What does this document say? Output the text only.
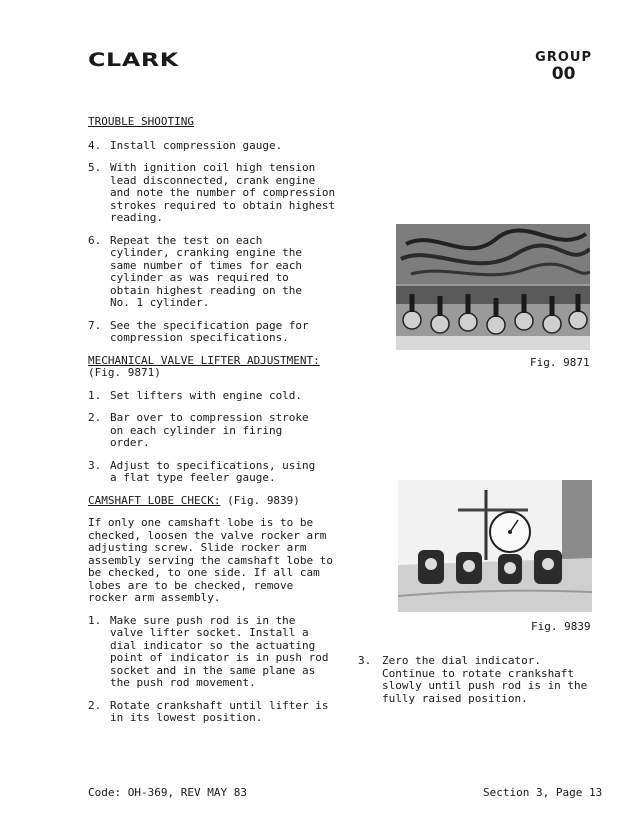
CLARK	GROUP
00
TROUBLE SHOOTING
4. Install compression gauge.
5. With ignition coil high tension lead disconnected, crank engine and note the number of compression strokes required to obtain highest reading.
6. Repeat the test on each cylinder, cranking engine the same number of times for each cylinder as was required to obtain highest reading on the No. 1 cylinder.
7. See the specification page for compression specifications.
MECHANICAL VALVE LIFTER ADJUSTMENT:
(Fig. 9871)
1. Set lifters with engine cold.
2. Bar over to compression stroke on each cylinder in firing order.
3. Adjust to specifications, using a flat type feeler gauge.
CAMSHAFT LOBE CHECK: (Fig. 9839)

If only one camshaft lobe is to be checked, loosen the valve rocker arm adjusting screw. Slide rocker arm assembly serving the camshaft lobe to be checked, to one side. If all cam lobes are to be checked, remove rocker arm assembly.

1. Make sure push rod is in the valve lifter socket. Install a dial indicator so the actuating point of indicator is in push rod socket and in the same plane as the push rod movement.
2. Rotate crankshaft until lifter is in its lowest position.
Fig. 9871
Fig. 9839
3. Zero the dial indicator. Continue to rotate crankshaft slowly until push rod is in the fully raised position.
Code: OH-369, REV MAY 83	Section 3, Page 13
